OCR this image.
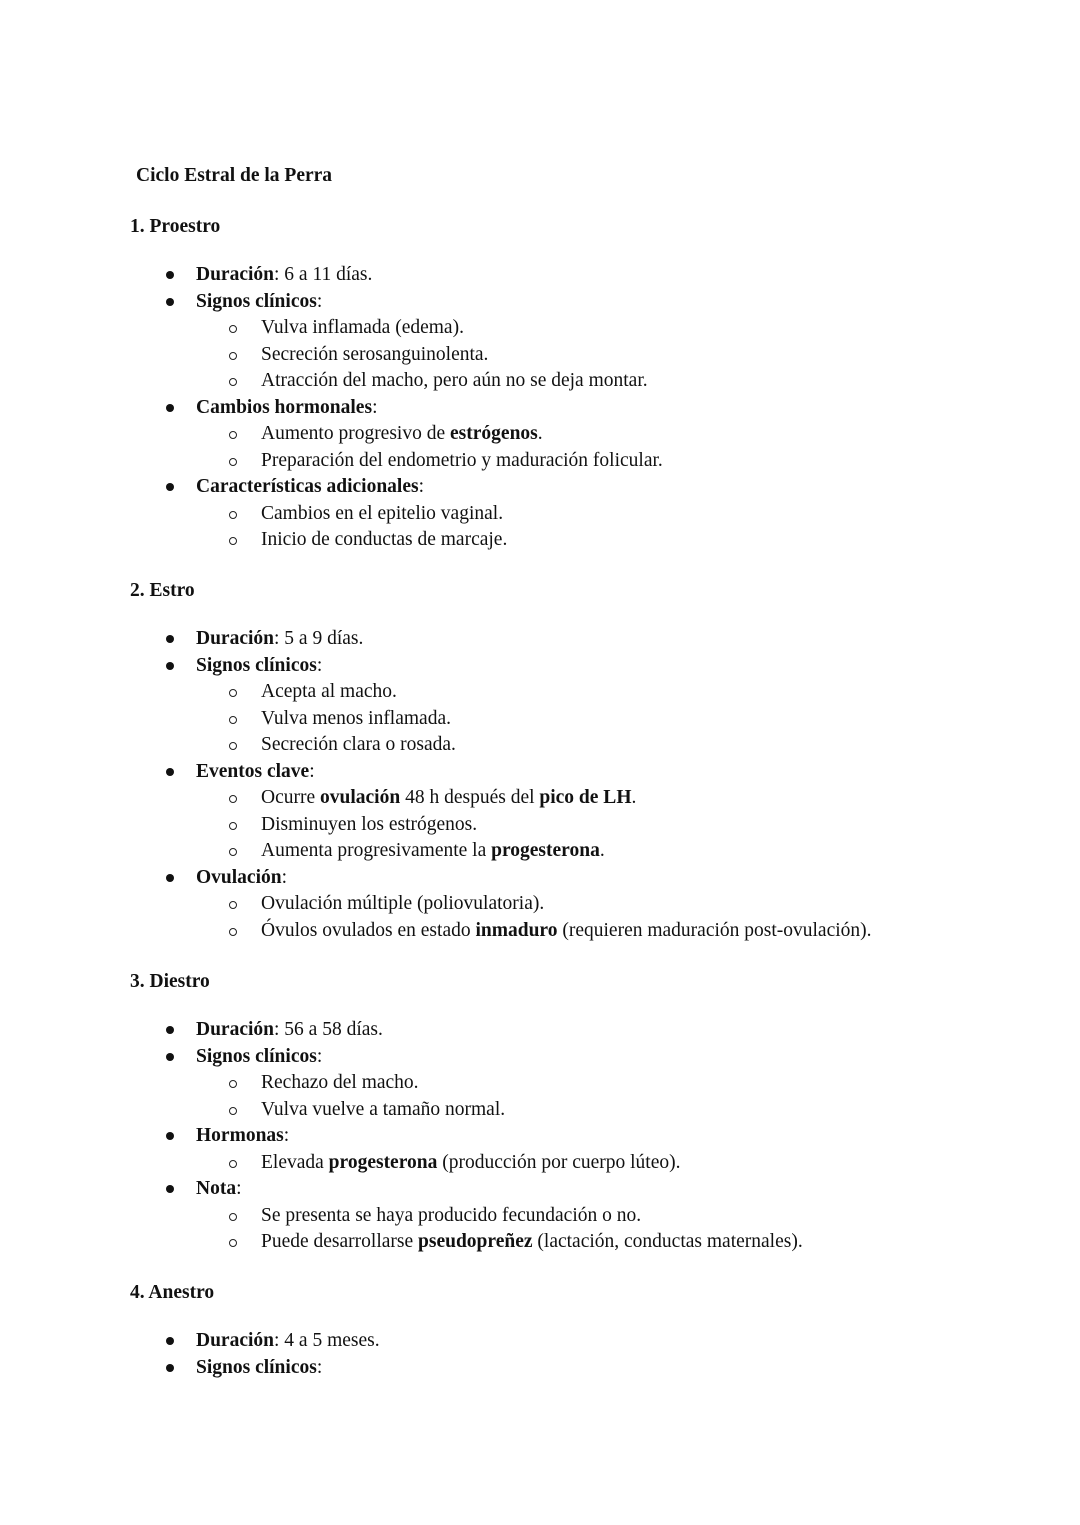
Ciclo Estral de la Perra
1. Proestro
Duración: 6 a 11 días.
Signos clínicos:
Vulva inflamada (edema).
Secreción serosanguinolenta.
Atracción del macho, pero aún no se deja montar.
Cambios hormonales:
Aumento progresivo de estrógenos.
Preparación del endometrio y maduración folicular.
Características adicionales:
Cambios en el epitelio vaginal.
Inicio de conductas de marcaje.
2. Estro
Duración: 5 a 9 días.
Signos clínicos:
Acepta al macho.
Vulva menos inflamada.
Secreción clara o rosada.
Eventos clave:
Ocurre ovulación 48 h después del pico de LH.
Disminuyen los estrógenos.
Aumenta progresivamente la progesterona.
Ovulación:
Ovulación múltiple (poliovulatoria).
Óvulos ovulados en estado inmaduro (requieren maduración post-ovulación).
3. Diestro
Duración: 56 a 58 días.
Signos clínicos:
Rechazo del macho.
Vulva vuelve a tamaño normal.
Hormonas:
Elevada progesterona (producción por cuerpo lúteo).
Nota:
Se presenta se haya producido fecundación o no.
Puede desarrollarse pseudopreñez (lactación, conductas maternales).
4. Anestro
Duración: 4 a 5 meses.
Signos clínicos:
